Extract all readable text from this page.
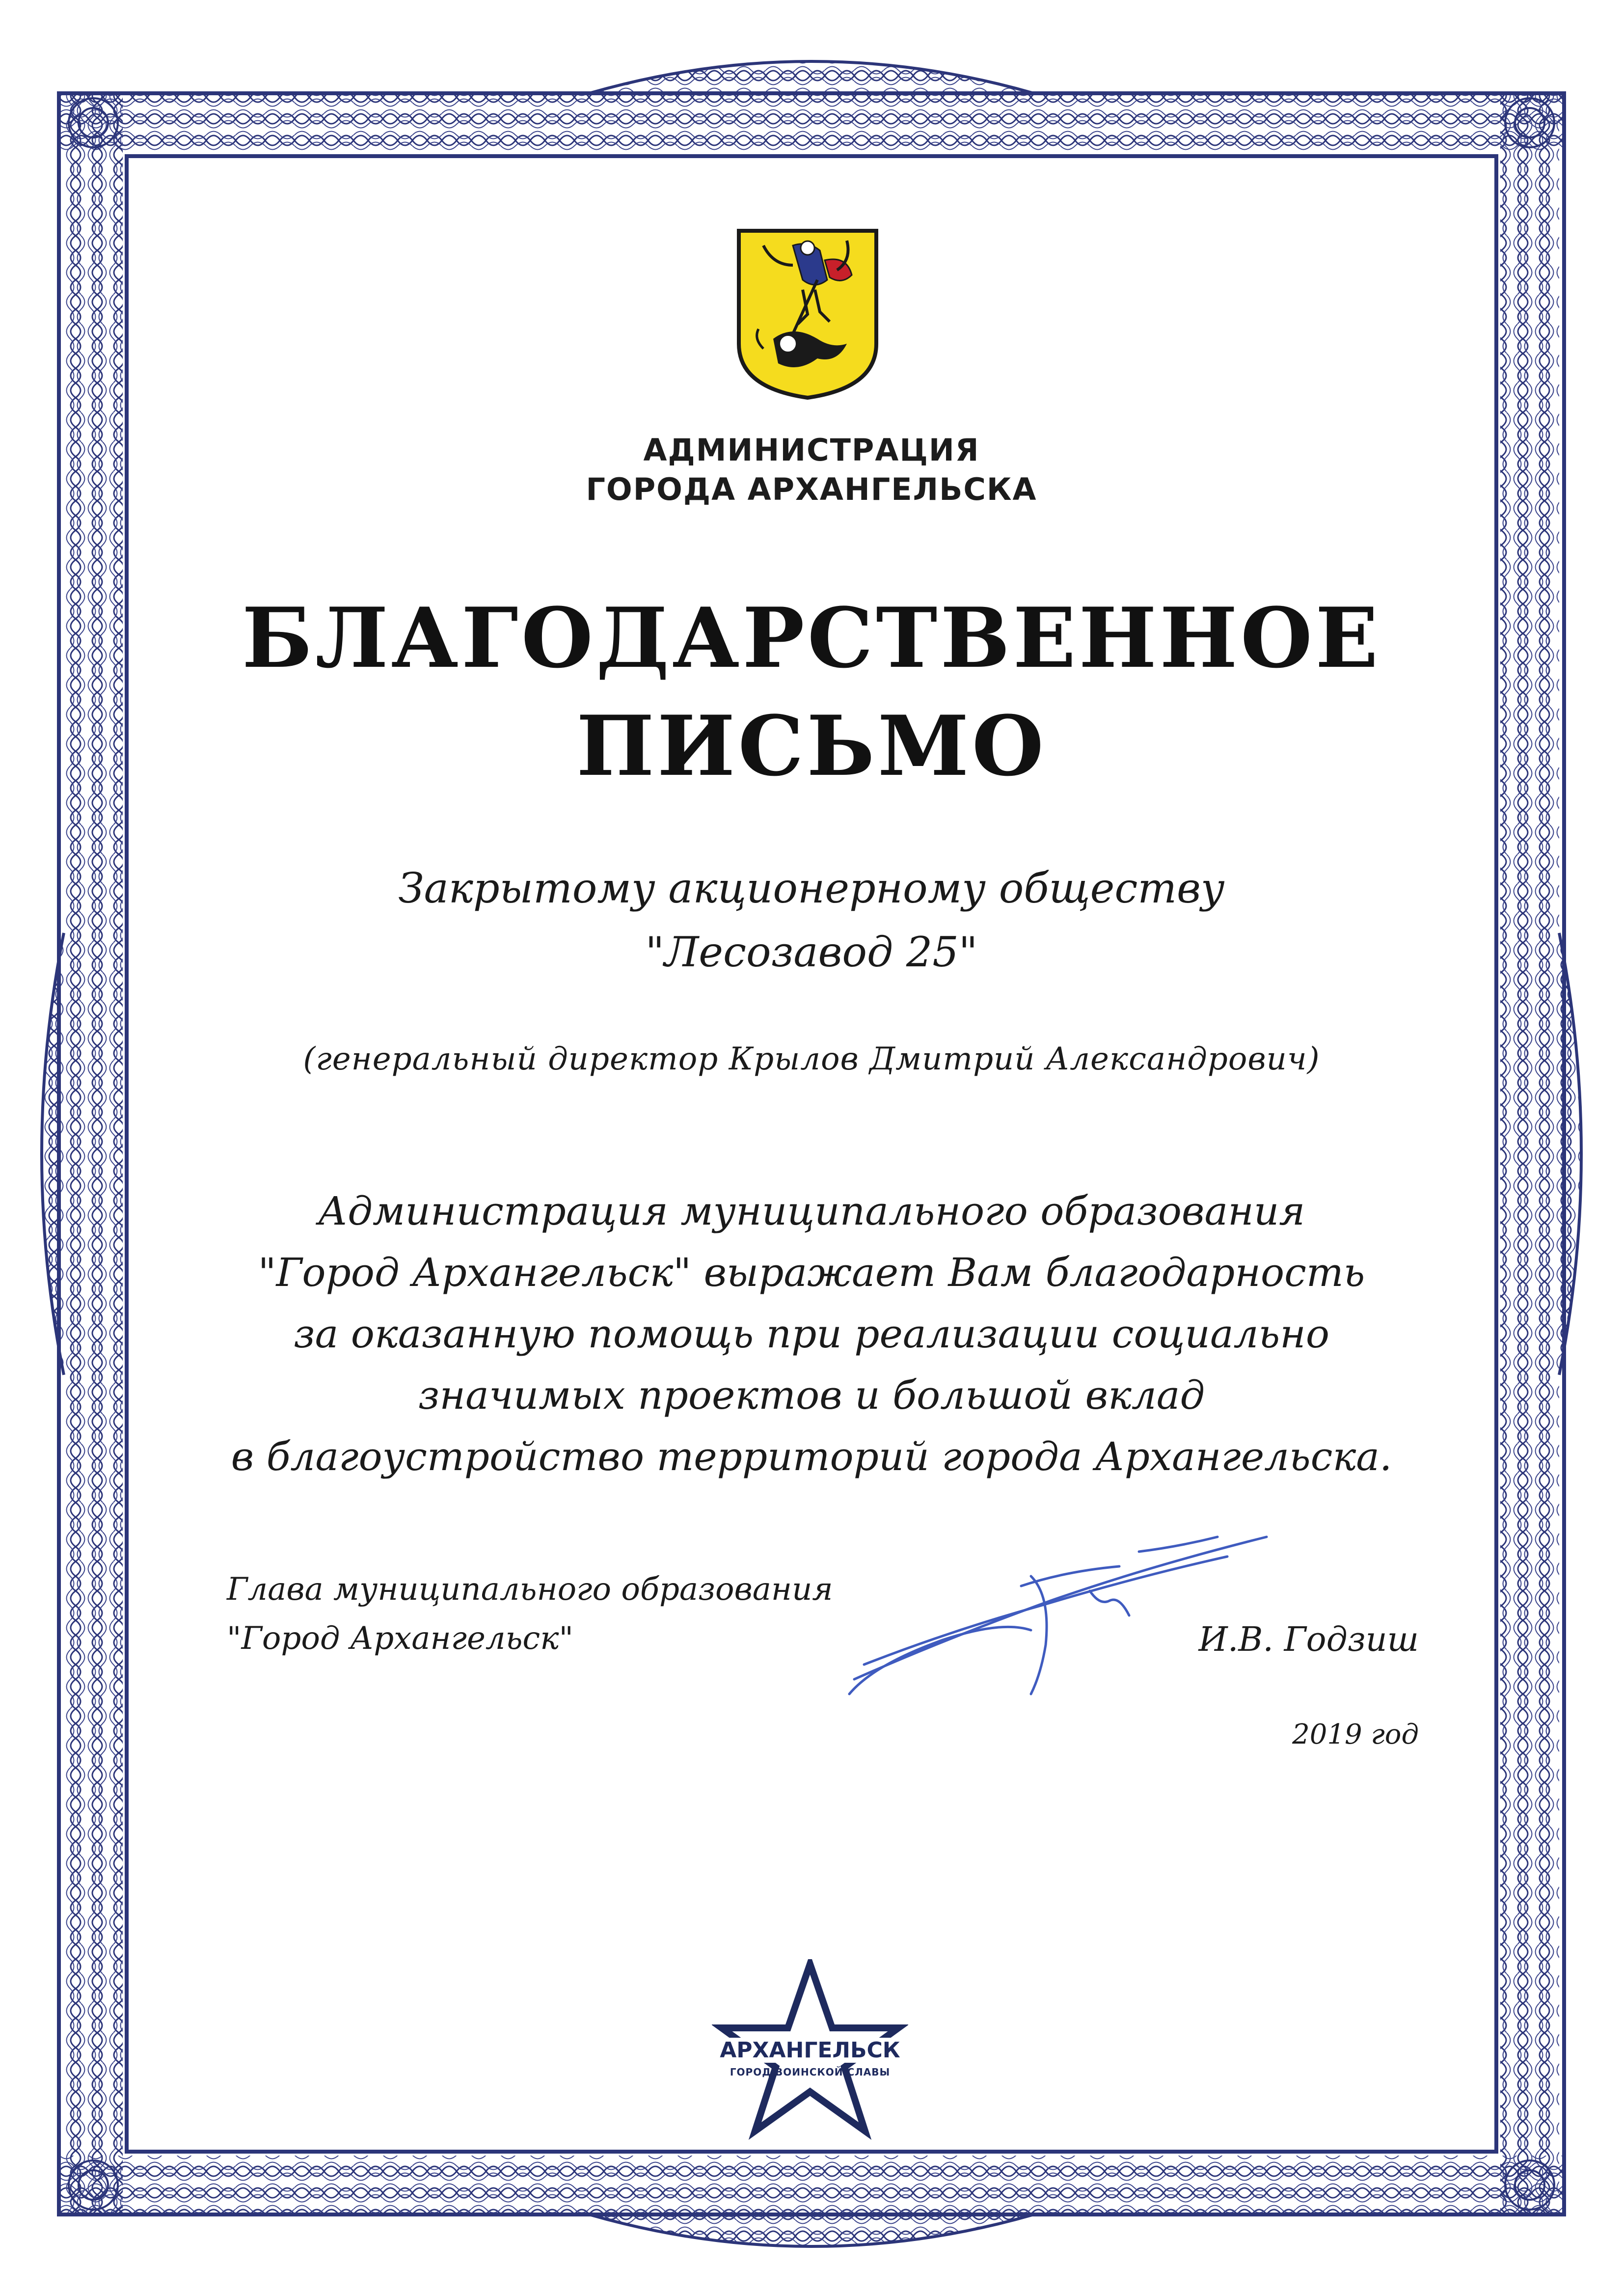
АДМИНИСТРАЦИЯ
ГОРОДА АРХАНГЕЛЬСКА
БЛАГОДАРСТВЕННОЕ
ПИСЬМО
Закрытому акционерному обществу
"Лесозавод 25"
(генеральный директор Крылов Дмитрий Александрович)
Администрация муниципального образования
"Город Архангельск" выражает Вам благодарность
за оказанную помощь при реализации социально
значимых проектов и большой вклад
в благоустройство территорий города Архангельска.
Глава муниципального образования
"Город Архангельск"	И.В. Годзиш
2019 год
АРХАНГЕЛЬСК
ГОРОД ВОИНСКОЙ СЛАВЫ
